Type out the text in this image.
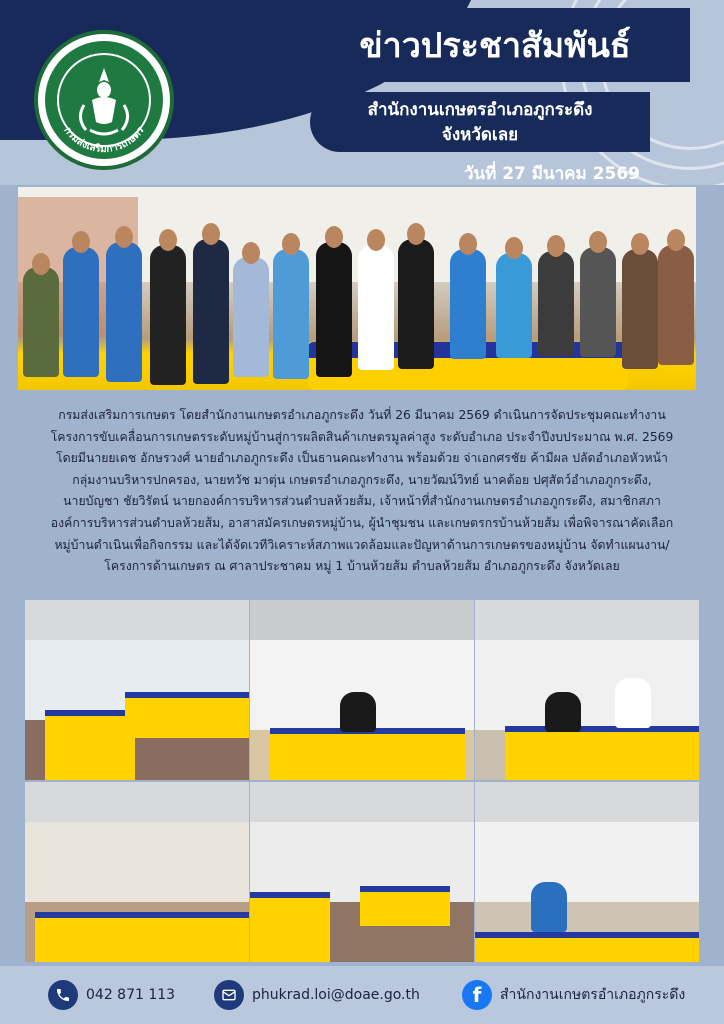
กรมส่งเสริมการเกษตร
ข่าวประชาสัมพันธ์
สำนักงานเกษตรอำเภอภูกระดึง
จังหวัดเลย
วันที่ 27 มีนาคม 2569
กรมส่งเสริมการเกษตร โดยสำนักงานเกษตรอำเภอภูกระดึง วันที่ 26 มีนาคม 2569 ดำเนินการจัดประชุมคณะทำงาน
โครงการขับเคลื่อนการเกษตรระดับหมู่บ้านสู่การผลิตสินค้าเกษตรมูลค่าสูง ระดับอำเภอ ประจำปีงบประมาณ พ.ศ. 2569
โดยมีนายยเดช อักษรวงศ์ นายอำเภอภูกระดึง เป็นธานคณะทำงาน พร้อมด้วย จ่าเอกศรชัย ค้ามีผล ปลัดอำเภอหัวหน้า
กลุ่มงานบริหารปกครอง, นายทวัช มาตุ่น เกษตรอำเภอภูกระดึง, นายวัฒน์วิทย์ นาคต้อย ปศุสัตว์อำเภอภูกระดึง,
นายบัญชา ชัยวิรัตน์ นายกองค์การบริหารส่วนตำบลห้วยส้ม, เจ้าหน้าที่สำนักงานเกษตรอำเภอภูกระดึง, สมาชิกสภา
องค์การบริหารส่วนตำบลห้วยส้ม, อาสาสมัครเกษตรหมู่บ้าน, ผู้นำชุมชน และเกษตรกรบ้านห้วยส้ม เพื่อพิจารณาคัดเลือก
หมู่บ้านดำเนินเพื่อกิจกรรม และได้จัดเวทีวิเคราะห์สภาพแวดล้อมและปัญหาด้านการเกษตรของหมู่บ้าน จัดทำแผนงาน/
โครงการด้านเกษตร ณ ศาลาประชาคม หมู่ 1 บ้านห้วยส้ม ตำบลห้วยส้ม อำเภอภูกระดึง จังหวัดเลย
042 871 113	phukrad.loi@doae.go.th	f	สำนักงานเกษตรอำเภอภูกระดึง
